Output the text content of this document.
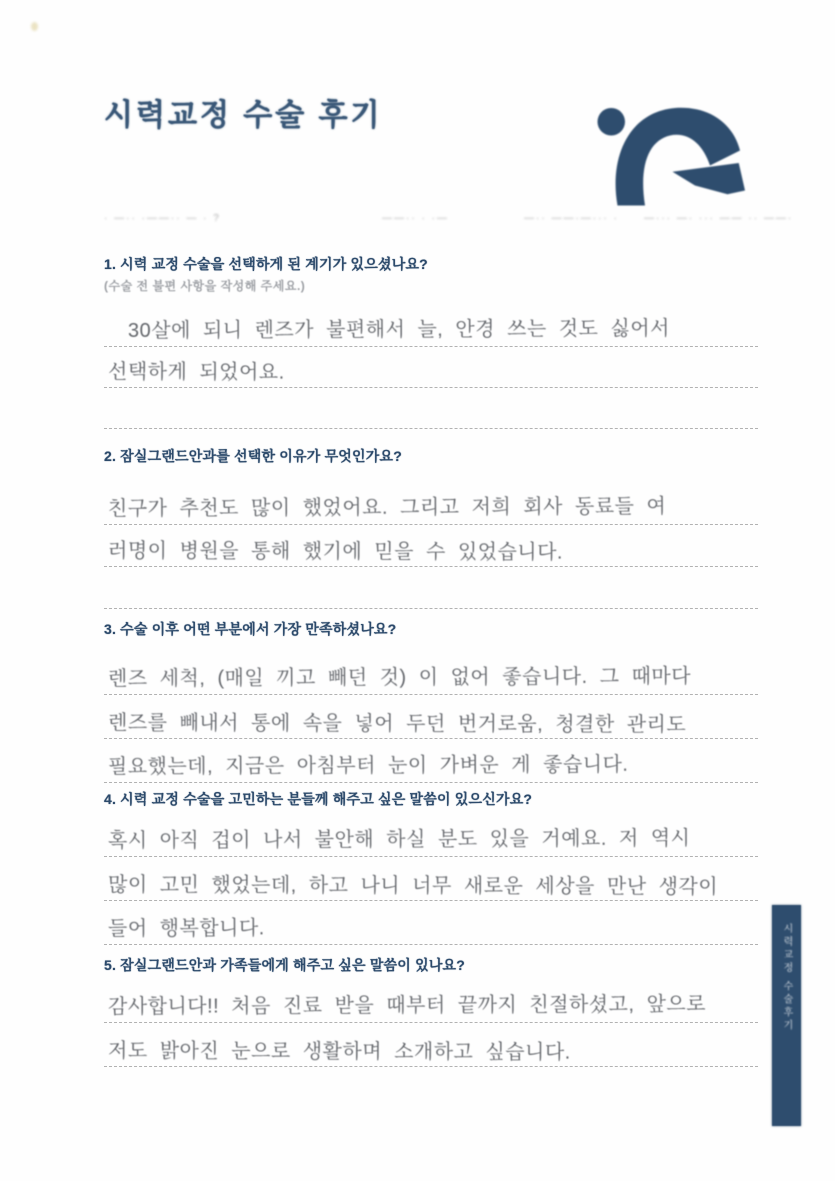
시력교정 수술 후기
· ―·· ·――·· ― · ?	――·· · ·―	―·· ――·―··· ·	―··· ―· ··· ―― ·· ――·
1. 시력 교정 수술을 선택하게 된 계기가 있으셨나요?
(수술 전 불편 사항을 작성해 주세요.)
30살에 되니 렌즈가 불편해서 늘, 안경 쓰는 것도 싫어서
선택하게 되었어요.
2. 잠실그랜드안과를 선택한 이유가 무엇인가요?
친구가 추천도 많이 했었어요. 그리고 저희 회사 동료들 여
러명이 병원을 통해 했기에 믿을 수 있었습니다.
3. 수술 이후 어떤 부분에서 가장 만족하셨나요?
렌즈 세척, (매일 끼고 빼던 것) 이 없어 좋습니다. 그 때마다
렌즈를 빼내서 통에 속을 넣어 두던 번거로움, 청결한 관리도
필요했는데, 지금은 아침부터 눈이 가벼운 게 좋습니다.
4. 시력 교정 수술을 고민하는 분들께 해주고 싶은 말씀이 있으신가요?
혹시 아직 겁이 나서 불안해 하실 분도 있을 거예요. 저 역시
많이 고민 했었는데, 하고 나니 너무 새로운 세상을 만난 생각이
들어 행복합니다.
5. 잠실그랜드안과 가족들에게 해주고 싶은 말씀이 있나요?
감사합니다!! 처음 진료 받을 때부터 끝까지 친절하셨고, 앞으로
저도 밝아진 눈으로 생활하며 소개하고 싶습니다.
시력교정 수술후기
